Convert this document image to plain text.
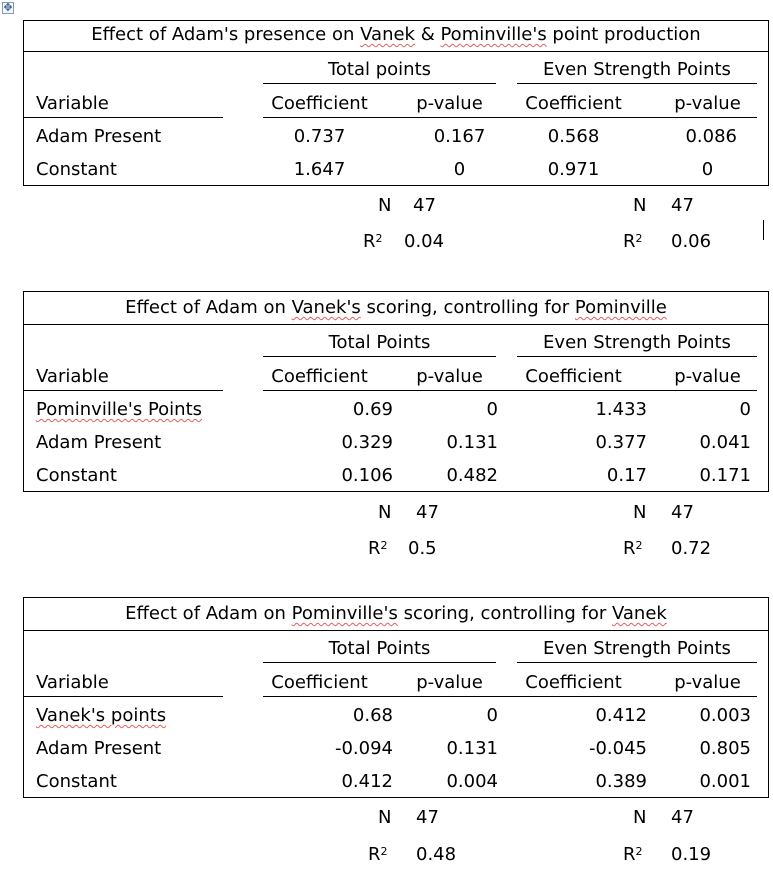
✥
Effect of Adam's presence on Vanek & Pominville's point production
Total points	Even Strength Points
Variable	Coefficient	p-value	Coefficient	p-value
Adam Present	0.737	0.167	0.568	0.086
Constant	1.647	0	0.971	0
N 47	N 47
$R^2$ 0.04	$R^2$ 0.06
Effect of Adam on Vanek's scoring, controlling for Pominville
Total Points	Even Strength Points
Variable	Coefficient	p-value	Coefficient	p-value
Pominville's Points	0.69	0	1.433	0
Adam Present	0.329	0.131	0.377	0.041
Constant	0.106	0.482	0.17	0.171
N 47	N 47
$R^2$ 0.5	$R^2$ 0.72
Effect of Adam on Pominville's scoring, controlling for Vanek
Total Points	Even Strength Points
Variable	Coefficient	p-value	Coefficient	p-value
Vanek's points	0.68	0	0.412	0.003
Adam Present	-0.094	0.131	-0.045	0.805
Constant	0.412	0.004	0.389	0.001
N 47	N 47
$R^2$ 0.48	$R^2$ 0.19
